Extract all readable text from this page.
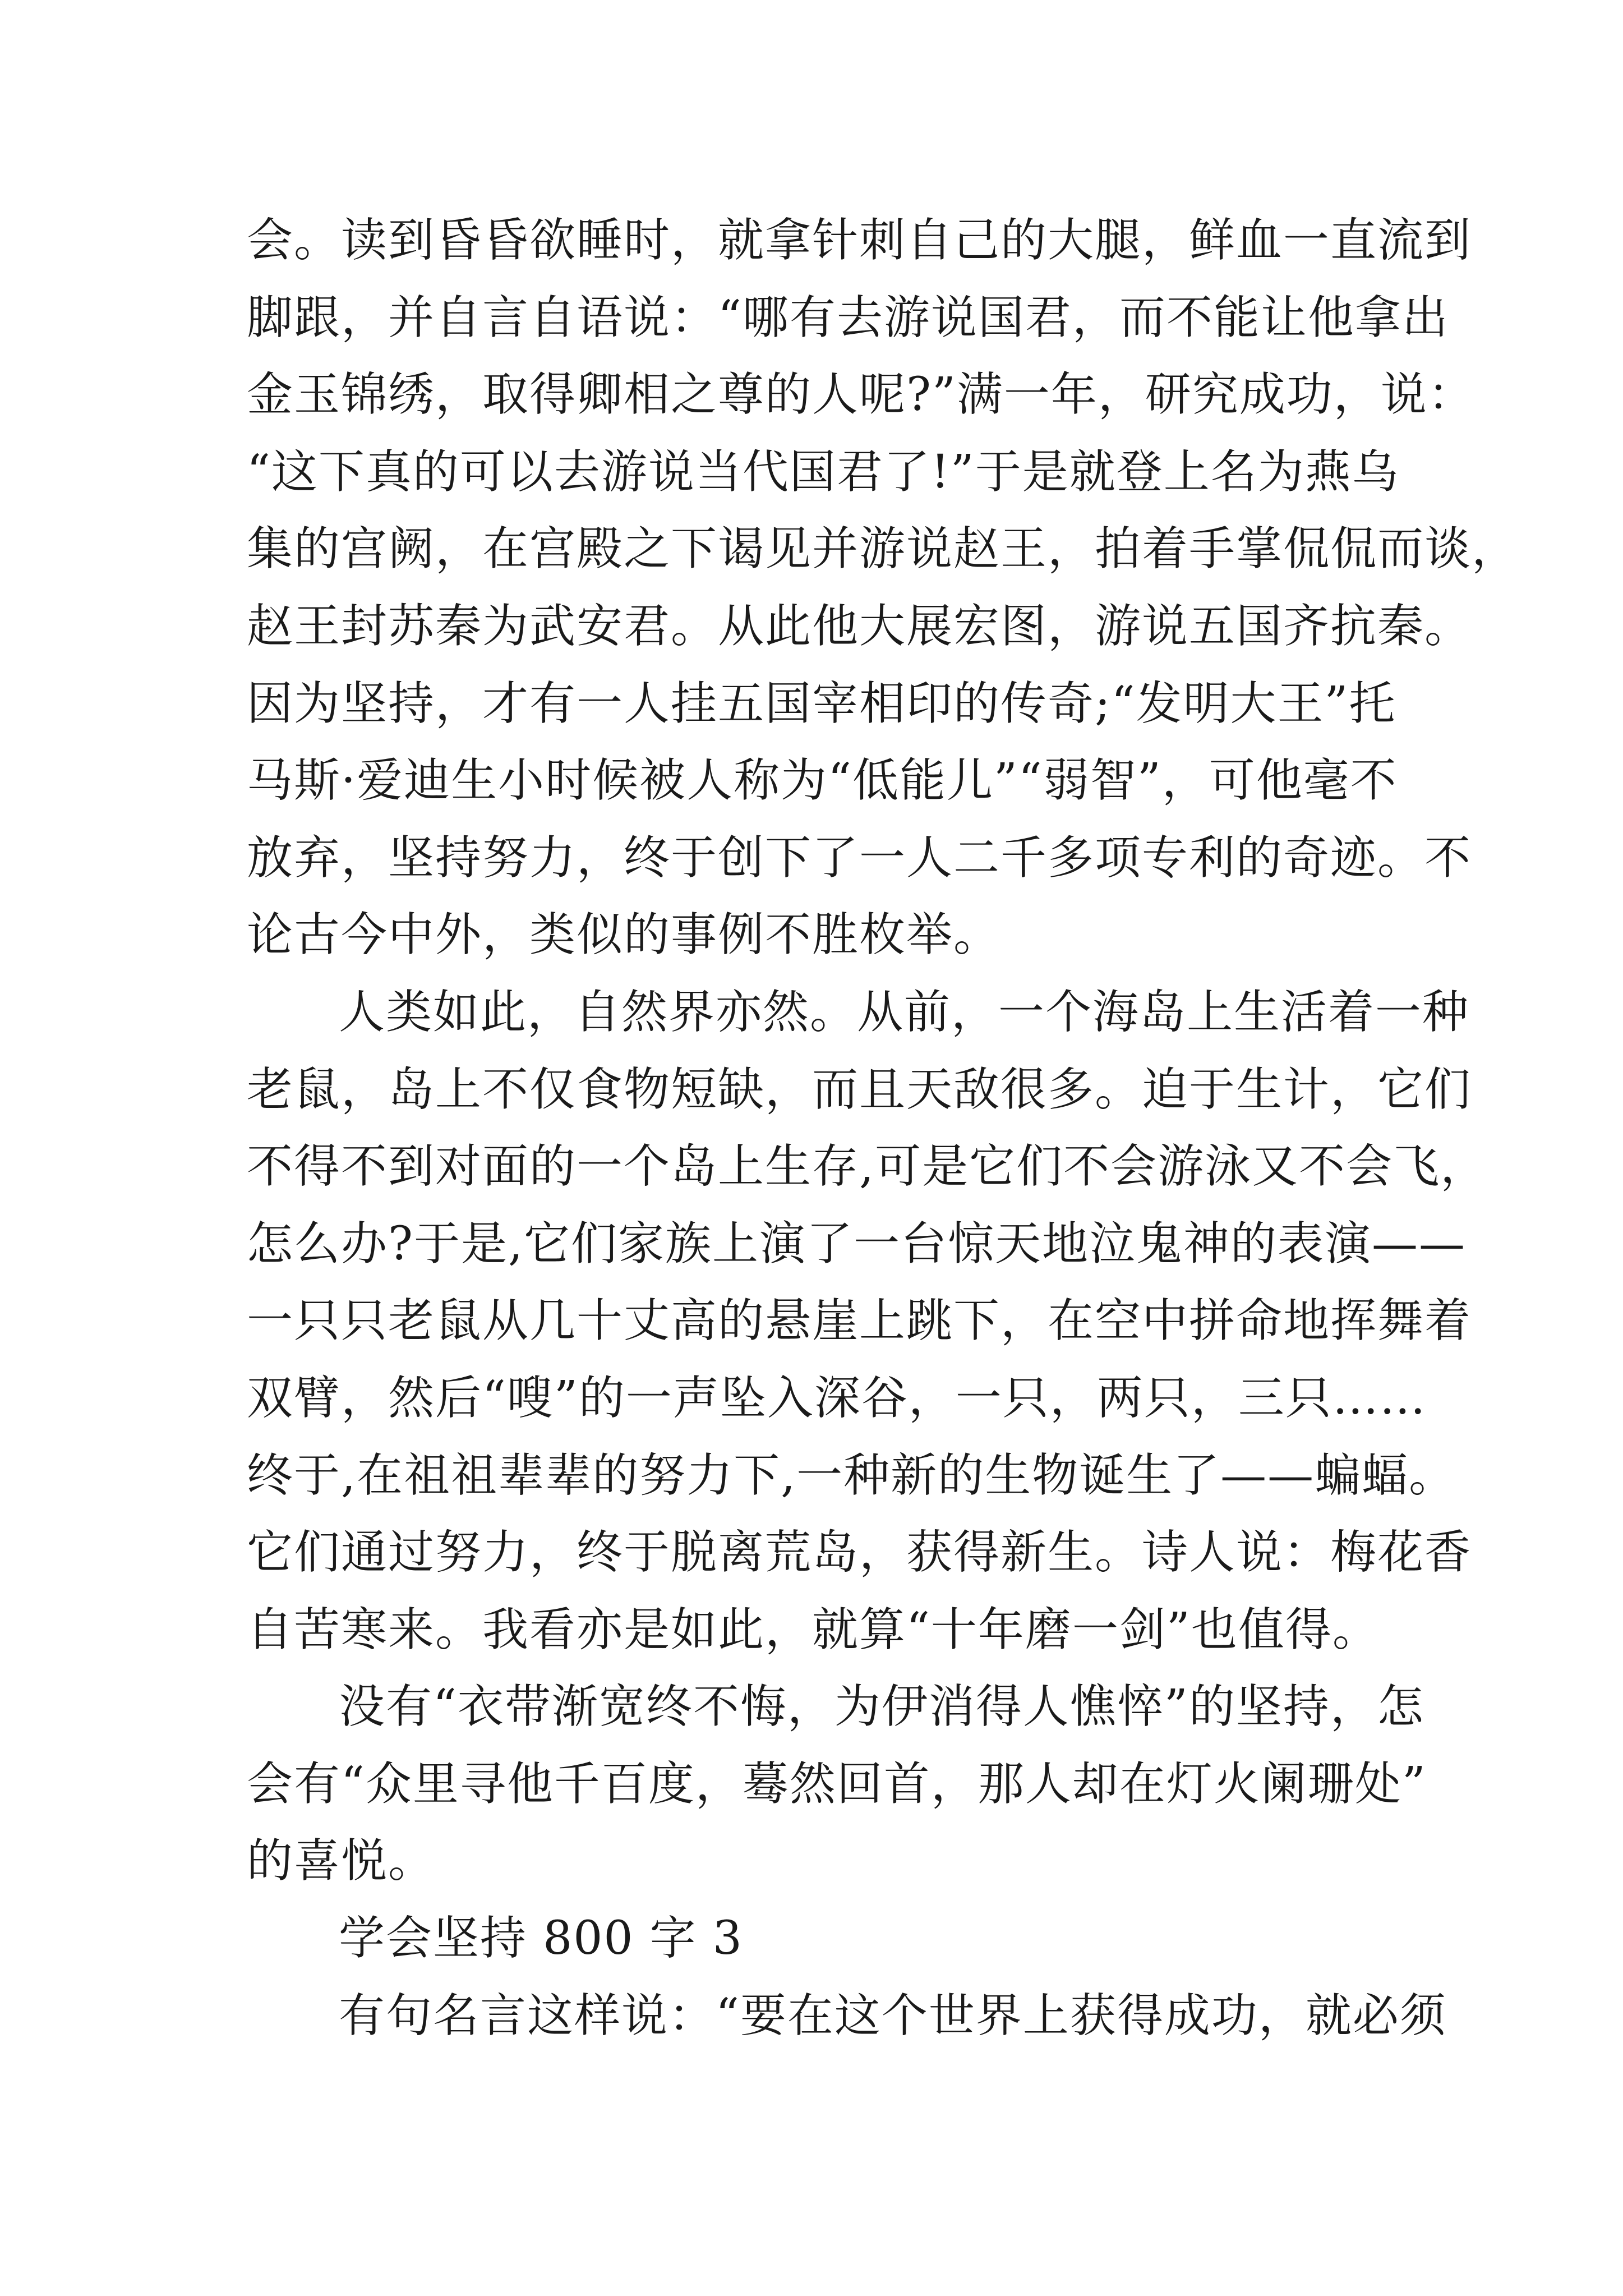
会。读到昏昏欲睡时，就拿针刺自己的大腿，鲜血一直流到
脚跟，并自言自语说：“哪有去游说国君，而不能让他拿出
金玉锦绣，取得卿相之尊的人呢?”满一年，研究成功，说：
“这下真的可以去游说当代国君了!”于是就登上名为燕乌
集的宫阙，在宫殿之下谒见并游说赵王，拍着手掌侃侃而谈，
赵王封苏秦为武安君。从此他大展宏图，游说五国齐抗秦。
因为坚持，才有一人挂五国宰相印的传奇;“发明大王”托
马斯·爱迪生小时候被人称为“低能儿”“弱智”，可他毫不
放弃，坚持努力，终于创下了一人二千多项专利的奇迹。不
论古今中外，类似的事例不胜枚举。
人类如此，自然界亦然。从前，一个海岛上生活着一种
老鼠，岛上不仅食物短缺，而且天敌很多。迫于生计，它们
不得不到对面的一个岛上生存,可是它们不会游泳又不会飞，
怎么办?于是,它们家族上演了一台惊天地泣鬼神的表演——
一只只老鼠从几十丈高的悬崖上跳下，在空中拼命地挥舞着
双臂，然后“嗖”的一声坠入深谷，一只，两只，三只……
终于,在祖祖辈辈的努力下,一种新的生物诞生了——蝙蝠。
它们通过努力，终于脱离荒岛，获得新生。诗人说：梅花香
自苦寒来。我看亦是如此，就算“十年磨一剑”也值得。
没有“衣带渐宽终不悔，为伊消得人憔悴”的坚持，怎
会有“众里寻他千百度，蓦然回首，那人却在灯火阑珊处”
的喜悦。
学会坚持 800 字 3
有句名言这样说：“要在这个世界上获得成功，就必须
